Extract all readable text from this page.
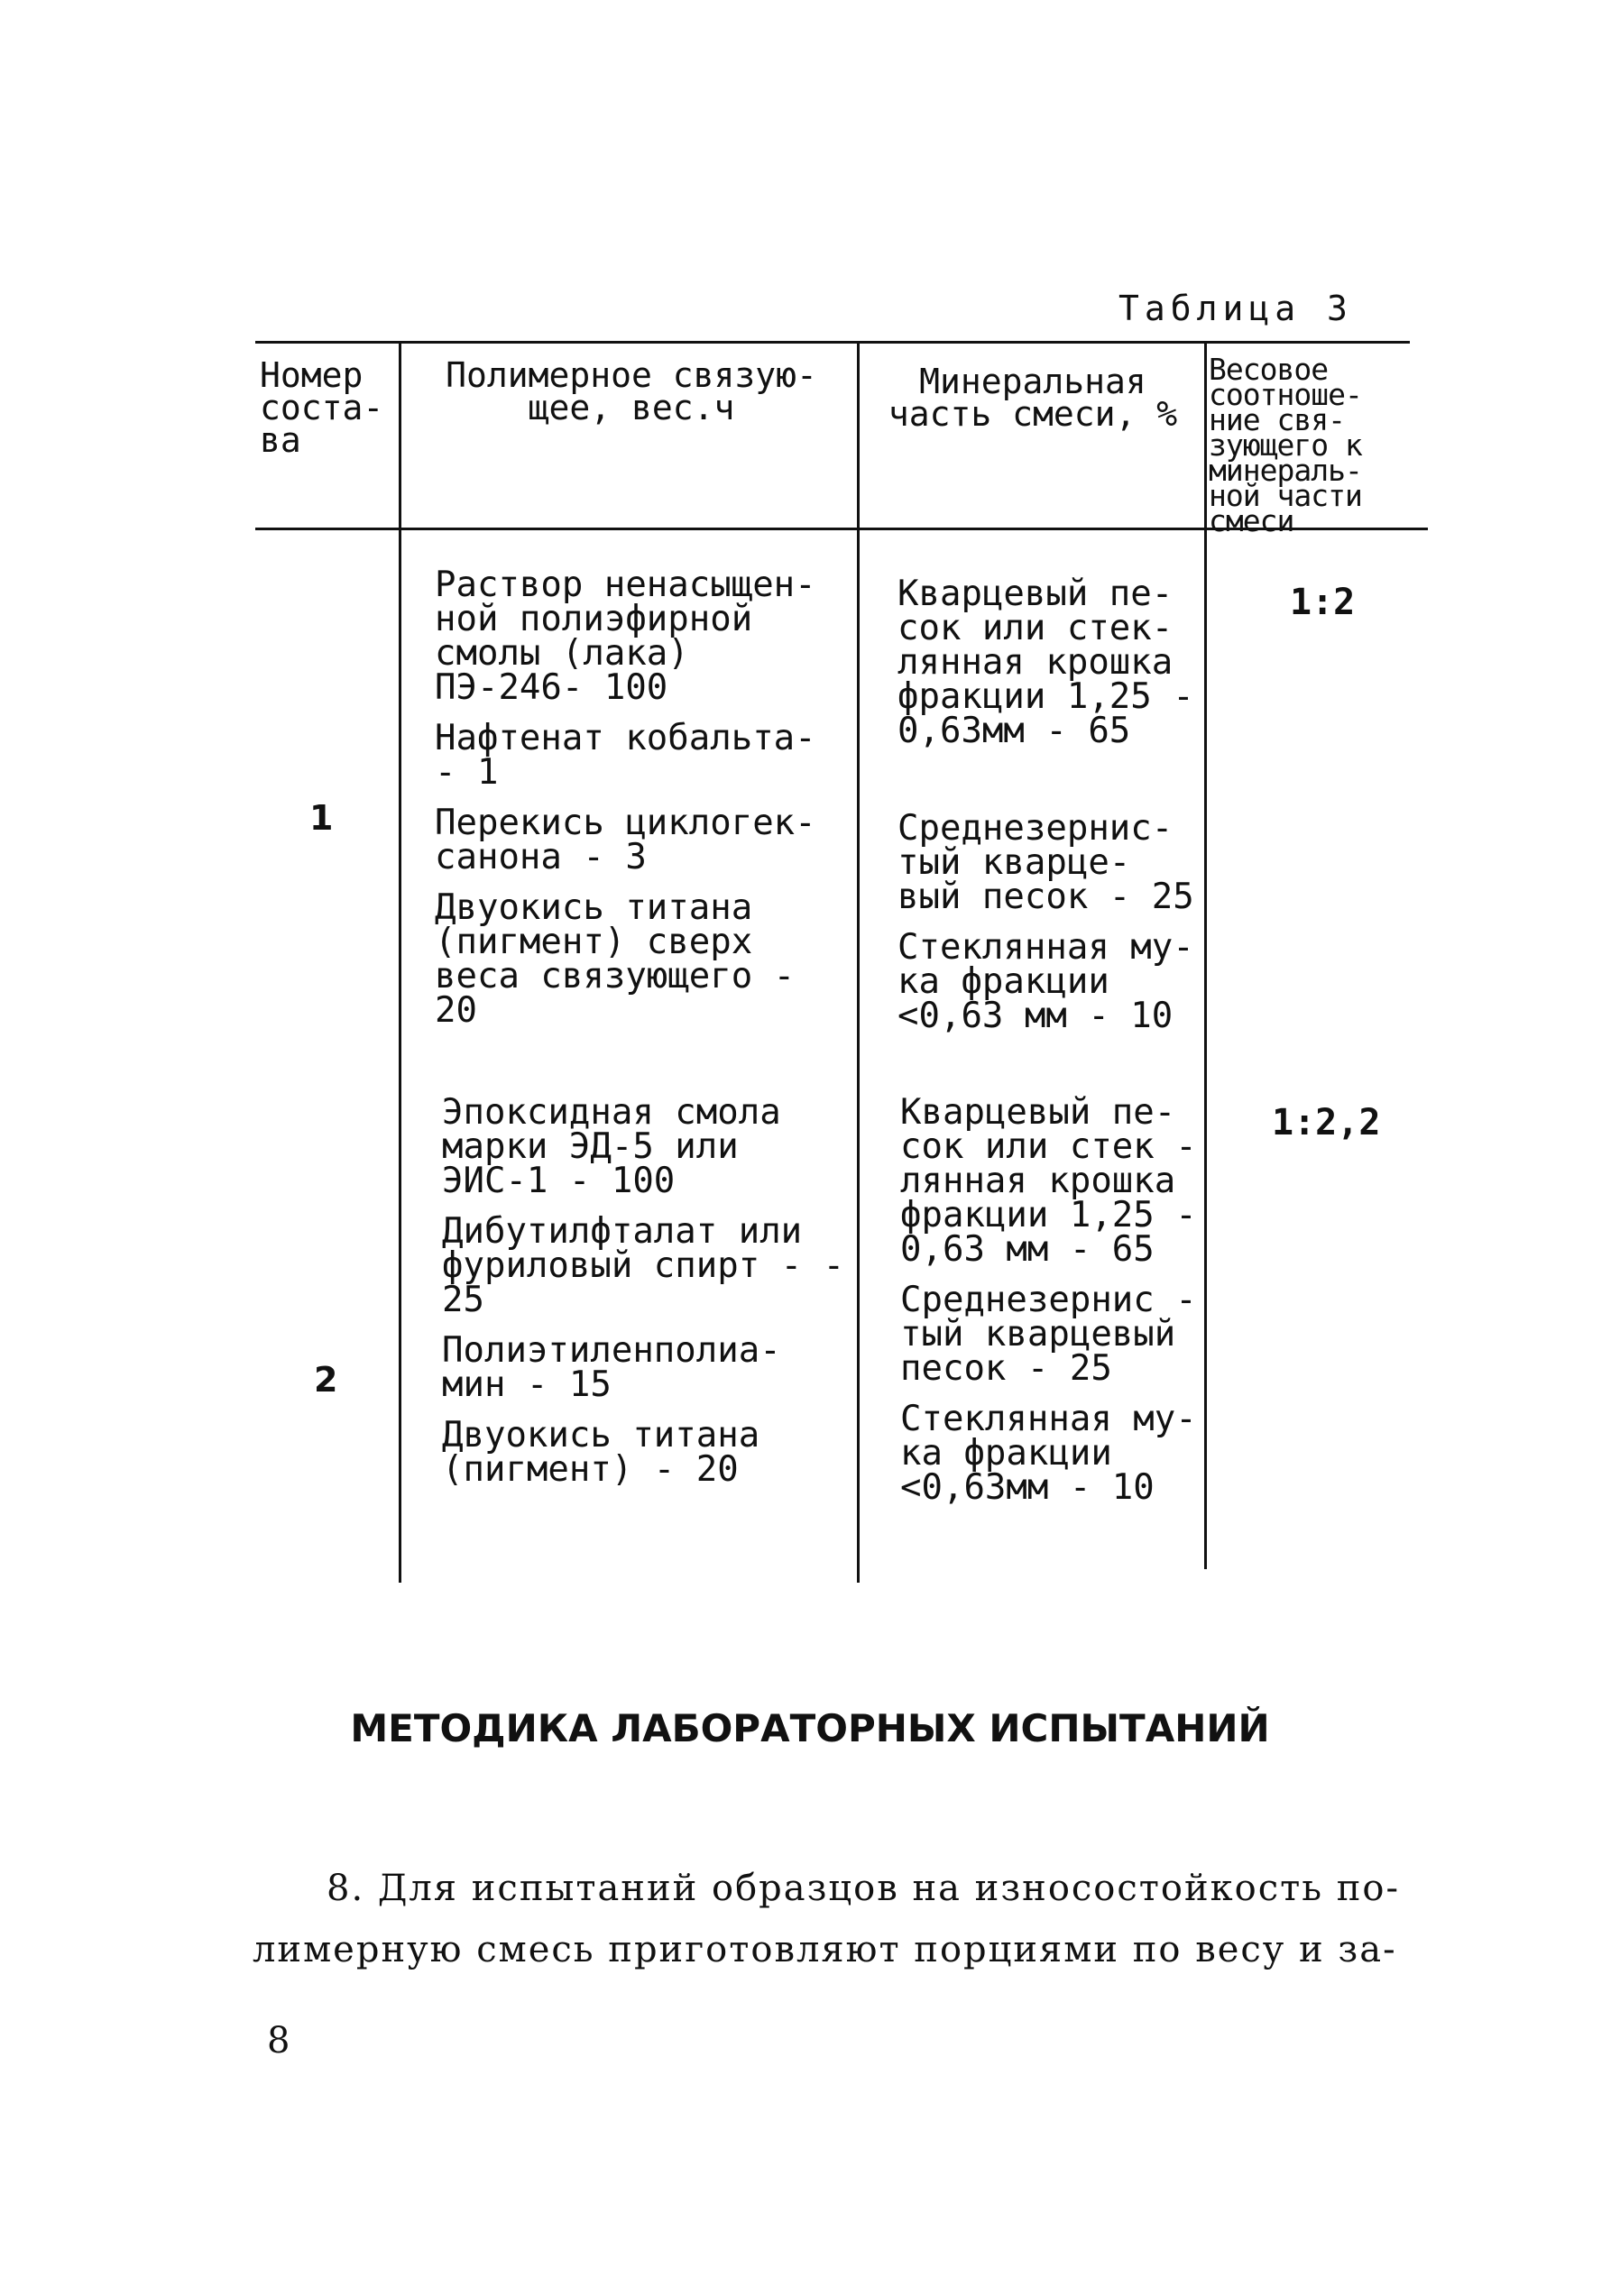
Таблица 3
Номер соста- ва
Полимерное связую- щее, вес.ч
Минеральная часть смеси, %
Весовое соотноше- ние свя- зующего к минераль- ной части смеси
1

Раствор ненасыщен- ной полиэфирной смолы (лака) ПЭ-246- 100

Нафтенат кобальта- - 1

Перекись циклогек- санона - 3

Двуокись титана (пигмент) сверх веса связующего - 20

Кварцевый пе- сок или стек- лянная крошка фракции 1,25 - 0,63мм - 65

Среднезернис- тый кварце- вый песок - 25

Стеклянная му- ка фракции <0,63 мм - 10

1:2
2

Эпоксидная смола марки ЭД-5 или ЭИС-1 - 100

Дибутилфталат или фуриловый спирт - - 25

Полиэтиленполиа- мин - 15

Двуокись титана (пигмент) - 20

Кварцевый пе- сок или стек - лянная крошка фракции 1,25 - 0,63 мм - 65

Среднезернис - тый кварцевый песок - 25

Стеклянная му- ка фракции <0,63мм - 10

1:2,2
МЕТОДИКА ЛАБОРАТОРНЫХ ИСПЫТАНИЙ
8. Для испытаний образцов на износостойкость по- лимерную смесь приготовляют порциями по весу и за-
8
